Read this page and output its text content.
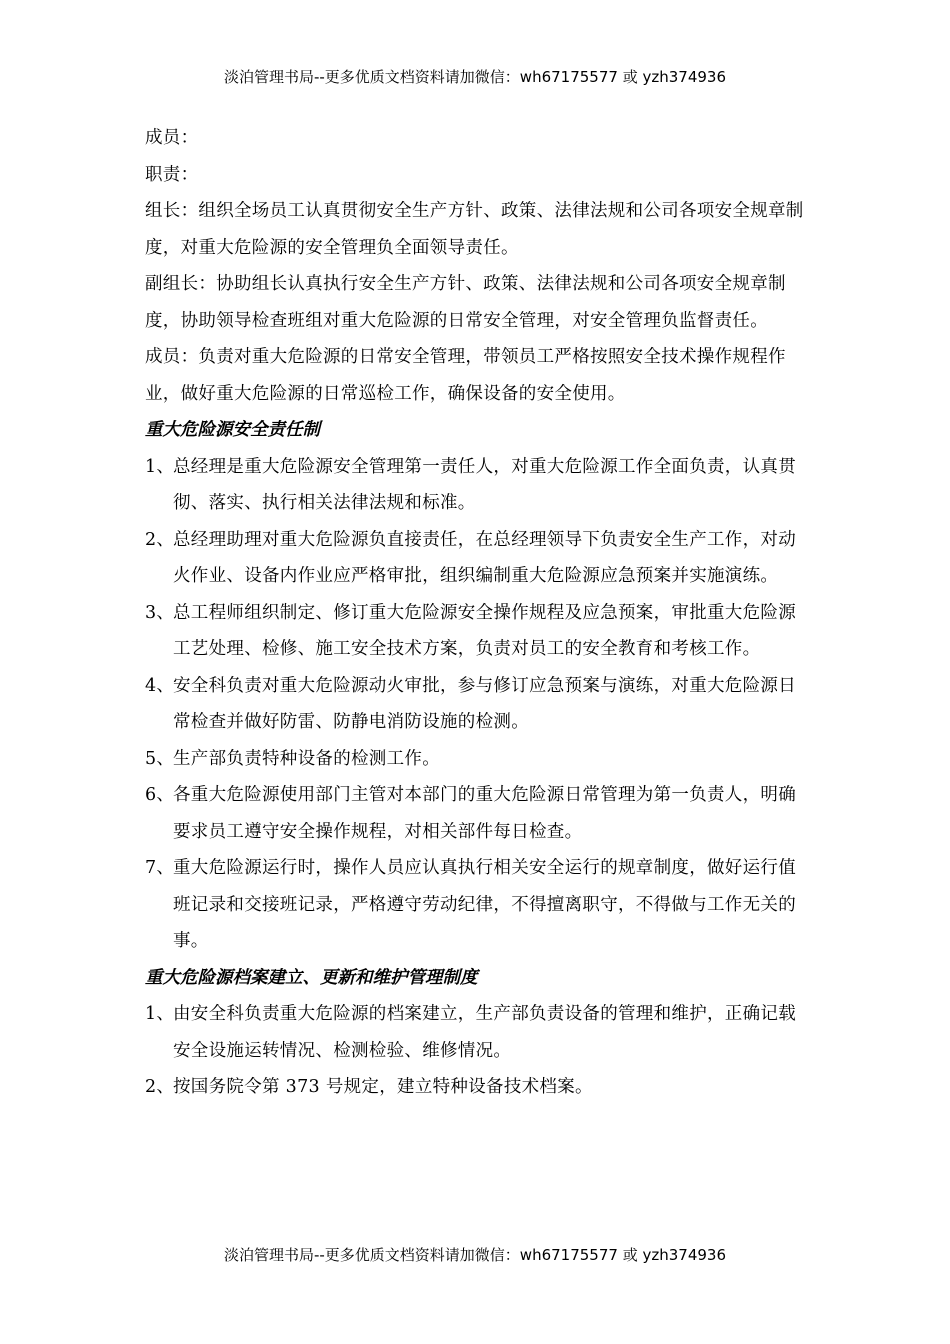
淡泊管理书局--更多优质文档资料请加微信：wh67175577 或 yzh374936

成员：

职责：

组长：组织全场员工认真贯彻安全生产方针、政策、法律法规和公司各项安全规章制度，对重大危险源的安全管理负全面领导责任。

副组长：协助组长认真执行安全生产方针、政策、法律法规和公司各项安全规章制度，协助领导检查班组对重大危险源的日常安全管理，对安全管理负监督责任。

成员：负责对重大危险源的日常安全管理，带领员工严格按照安全技术操作规程作业，做好重大危险源的日常巡检工作，确保设备的安全使用。

重大危险源安全责任制

1、
总经理是重大危险源安全管理第一责任人，对重大危险源工作全面负责，认真贯彻、落实、执行相关法律法规和标准。
2、
总经理助理对重大危险源负直接责任，在总经理领导下负责安全生产工作，对动火作业、设备内作业应严格审批，组织编制重大危险源应急预案并实施演练。
3、
总工程师组织制定、修订重大危险源安全操作规程及应急预案，审批重大危险源工艺处理、检修、施工安全技术方案，负责对员工的安全教育和考核工作。
4、
安全科负责对重大危险源动火审批，参与修订应急预案与演练，对重大危险源日常检查并做好防雷、防静电消防设施的检测。
5、
生产部负责特种设备的检测工作。
6、
各重大危险源使用部门主管对本部门的重大危险源日常管理为第一负责人，明确要求员工遵守安全操作规程，对相关部件每日检查。
7、
重大危险源运行时，操作人员应认真执行相关安全运行的规章制度，做好运行值班记录和交接班记录，严格遵守劳动纪律，不得擅离职守，不得做与工作无关的事。

重大危险源档案建立、更新和维护管理制度

1、
由安全科负责重大危险源的档案建立，生产部负责设备的管理和维护，正确记载安全设施运转情况、检测检验、维修情况。
2、
按国务院令第 373 号规定，建立特种设备技术档案。
淡泊管理书局--更多优质文档资料请加微信：wh67175577 或 yzh374936
